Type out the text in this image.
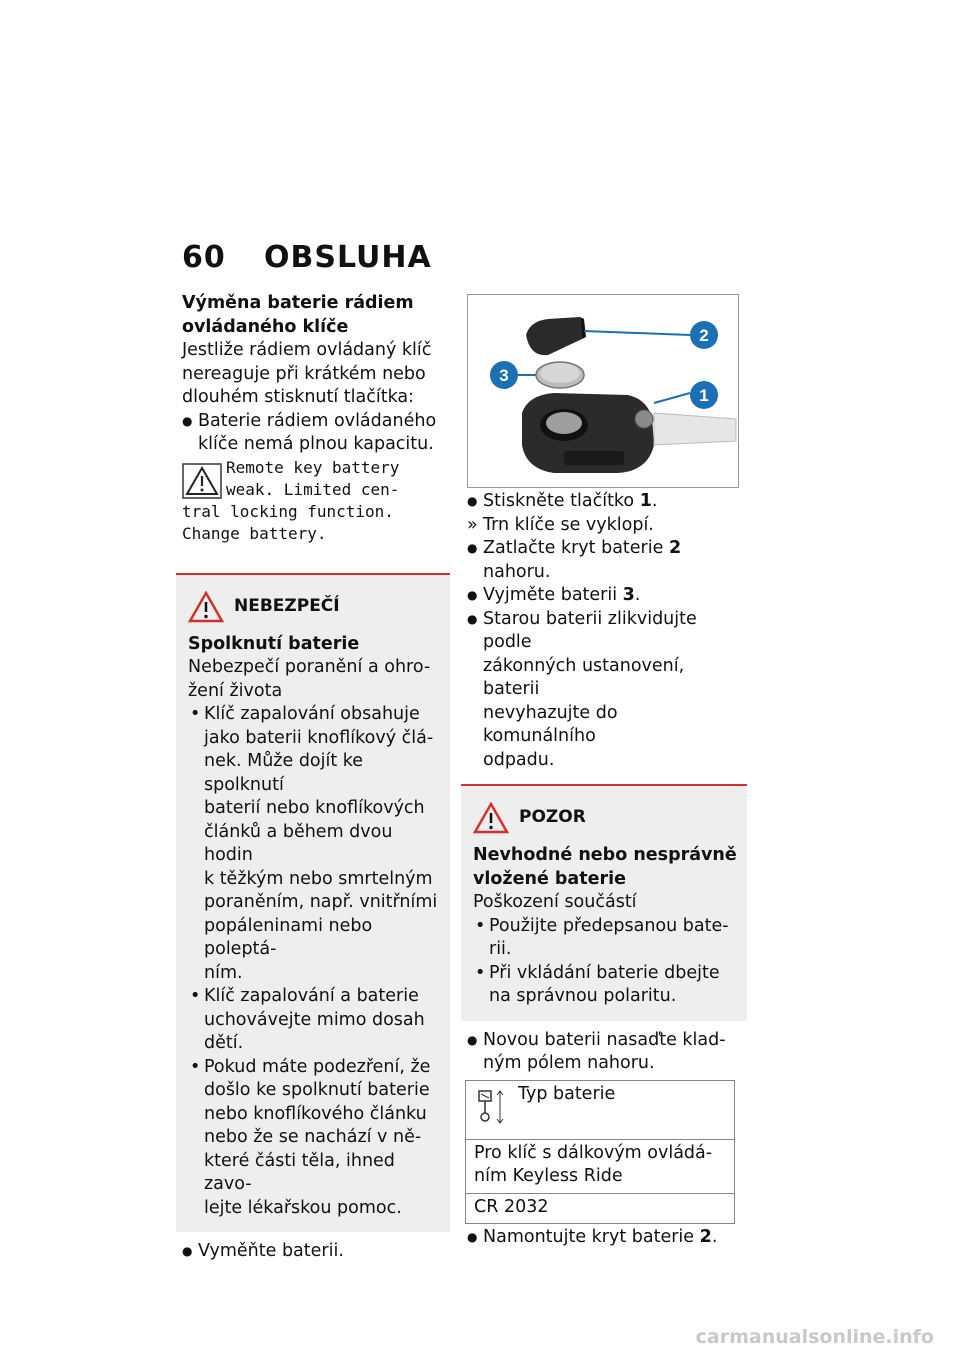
60 OBSLUHA

Výměna baterie rádiem
ovládaného klíče

Jestliže rádiem ovládaný klíč
nereaguje při krátkém nebo
dlouhém stisknutí tlačítka:

● Baterie rádiem ovládaného
klíče nemá plnou kapacitu.

Remote key battery
weak. Limited cen-
tral locking function.
Change battery.
NEBEZPEČÍ

Spolknutí baterie

Nebezpečí poranění a ohro-
žení života

• Klíč zapalování obsahuje
jako baterii knoflíkový člá-
nek. Může dojít ke spolknutí
baterií nebo knoflíkových
článků a během dvou hodin
k těžkým nebo smrtelným
poraněním, např. vnitřními
popáleninami nebo poleptá-
ním.

• Klíč zapalování a baterie
uchovávejte mimo dosah
dětí.

• Pokud máte podezření, že
došlo ke spolknutí baterie
nebo knoflíkového článku
nebo že se nachází v ně-
které části těla, ihned zavo-
lejte lékařskou pomoc.

● Vyměňte baterii.

2
1
3

● Stiskněte tlačítko 1.

» Trn klíče se vyklopí.

● Zatlačte kryt baterie 2 nahoru.

● Vyjměte baterii 3.

● Starou baterii zlikvidujte podle
zákonných ustanovení, baterii
nevyhazujte do komunálního
odpadu.

POZOR

Nevhodné nebo nesprávně
vložené baterie

Poškození součástí

• Použijte předepsanou bate-
rii.

• Při vkládání baterie dbejte
na správnou polaritu.

● Novou baterii nasaďte klad-
ným pólem nahoru.

Typ baterie
Pro klíč s dálkovým ovládá-
ním Keyless Ride
CR 2032

● Namontujte kryt baterie 2.

carmanualsonline.info
